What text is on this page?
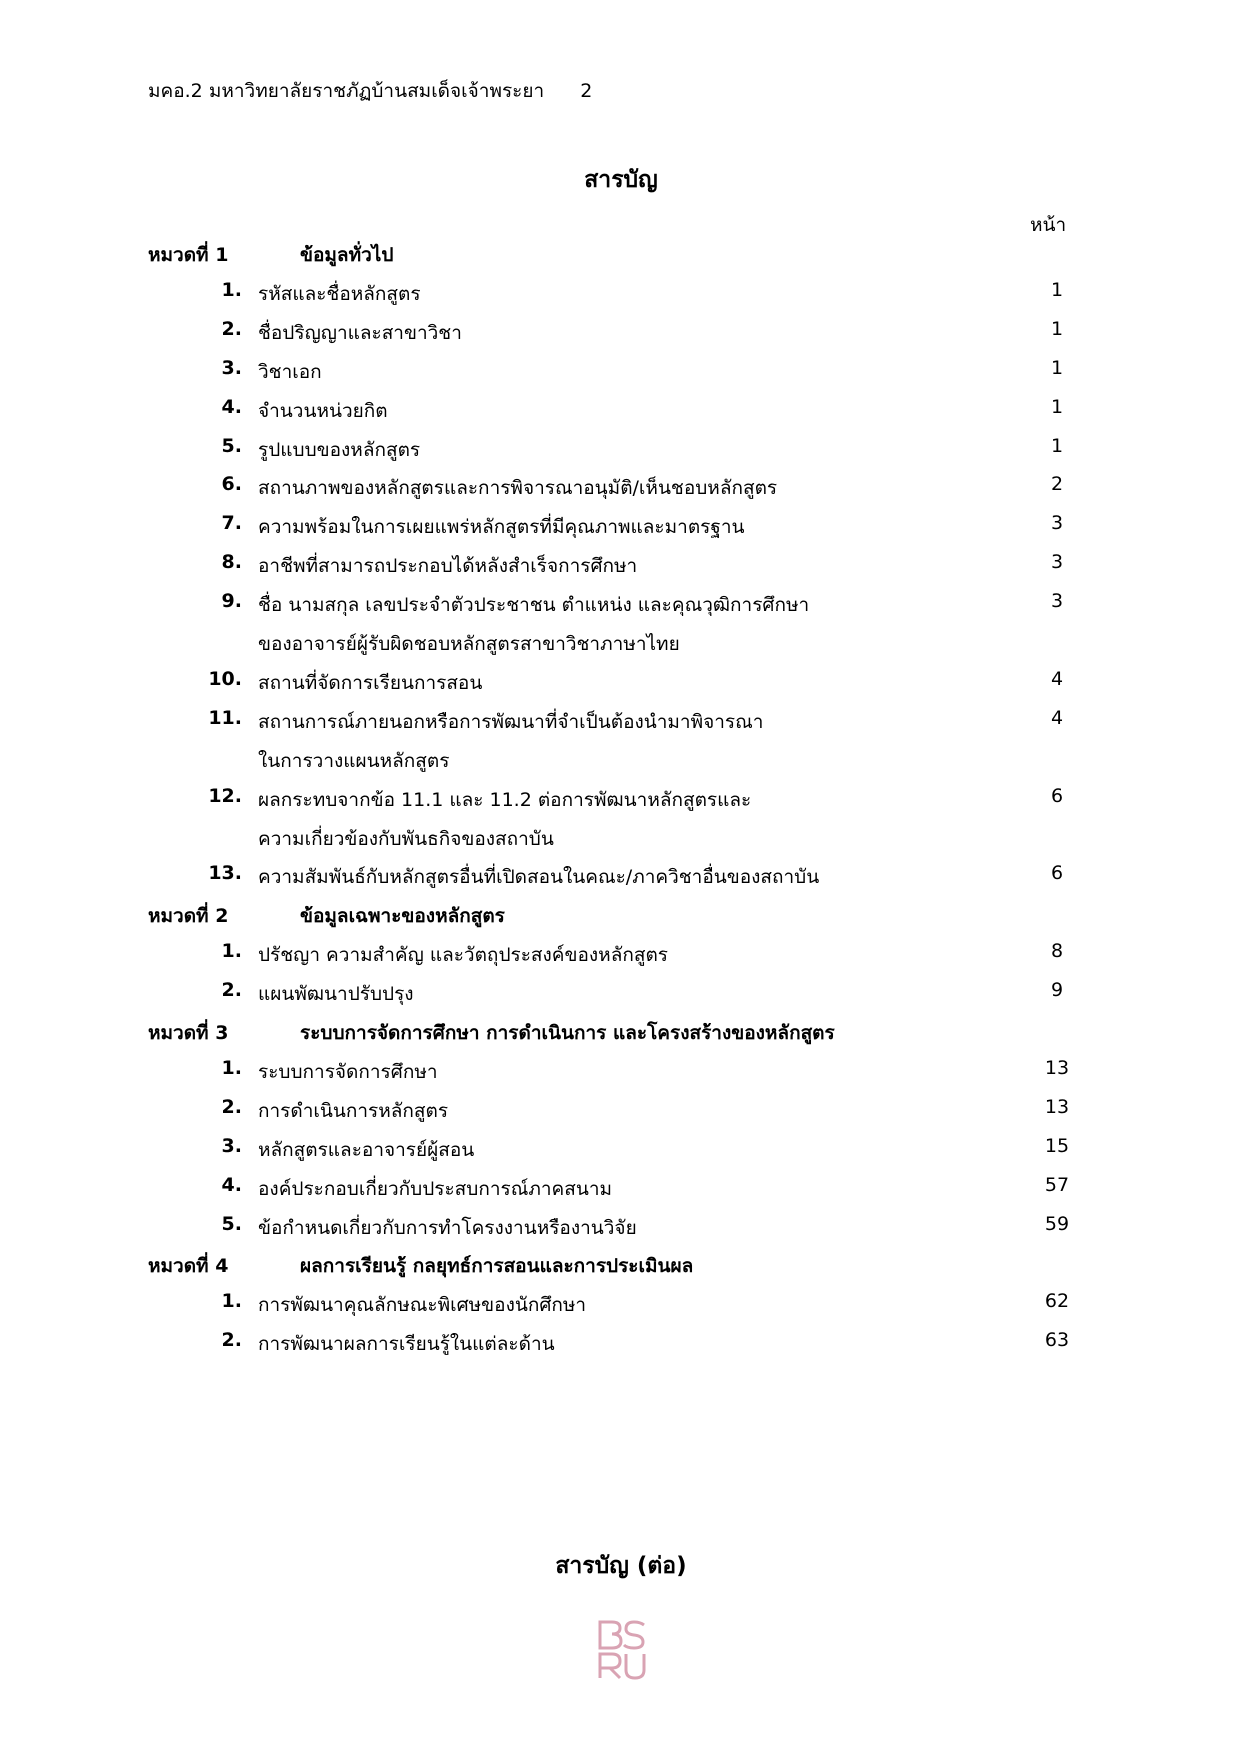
มคอ.2 มหาวิทยาลัยราชภัฏบ้านสมเด็จเจ้าพระยา 2
สารบัญ
หน้า
หมวดที่ 1	ข้อมูลทั่วไป
1. รหัสและชื่อหลักสูตร	1
2. ชื่อปริญญาและสาขาวิชา	1
3. วิชาเอก	1
4. จำนวนหน่วยกิต	1
5. รูปแบบของหลักสูตร	1
6. สถานภาพของหลักสูตรและการพิจารณาอนุมัติ/เห็นชอบหลักสูตร	2
7. ความพร้อมในการเผยแพร่หลักสูตรที่มีคุณภาพและมาตรฐาน	3
8. อาชีพที่สามารถประกอบได้หลังสำเร็จการศึกษา	3
9. ชื่อ นามสกุล เลขประจำตัวประชาชน ตำแหน่ง และคุณวุฒิการศึกษา	3
ของอาจารย์ผู้รับผิดชอบหลักสูตรสาขาวิชาภาษาไทย
10. สถานที่จัดการเรียนการสอน	4
11. สถานการณ์ภายนอกหรือการพัฒนาที่จำเป็นต้องนำมาพิจารณา	4
ในการวางแผนหลักสูตร
12. ผลกระทบจากข้อ 11.1 และ 11.2 ต่อการพัฒนาหลักสูตรและ	6
ความเกี่ยวข้องกับพันธกิจของสถาบัน
13. ความสัมพันธ์กับหลักสูตรอื่นที่เปิดสอนในคณะ/ภาควิชาอื่นของสถาบัน	6
หมวดที่ 2	ข้อมูลเฉพาะของหลักสูตร
1. ปรัชญา ความสำคัญ และวัตถุประสงค์ของหลักสูตร	8
2. แผนพัฒนาปรับปรุง	9
หมวดที่ 3	ระบบการจัดการศึกษา การดำเนินการ และโครงสร้างของหลักสูตร
1. ระบบการจัดการศึกษา	13
2. การดำเนินการหลักสูตร	13
3. หลักสูตรและอาจารย์ผู้สอน	15
4. องค์ประกอบเกี่ยวกับประสบการณ์ภาคสนาม	57
5. ข้อกำหนดเกี่ยวกับการทำโครงงานหรืองานวิจัย	59
หมวดที่ 4	ผลการเรียนรู้ กลยุทธ์การสอนและการประเมินผล
1. การพัฒนาคุณลักษณะพิเศษของนักศึกษา	62
2. การพัฒนาผลการเรียนรู้ในแต่ละด้าน	63
สารบัญ (ต่อ)
